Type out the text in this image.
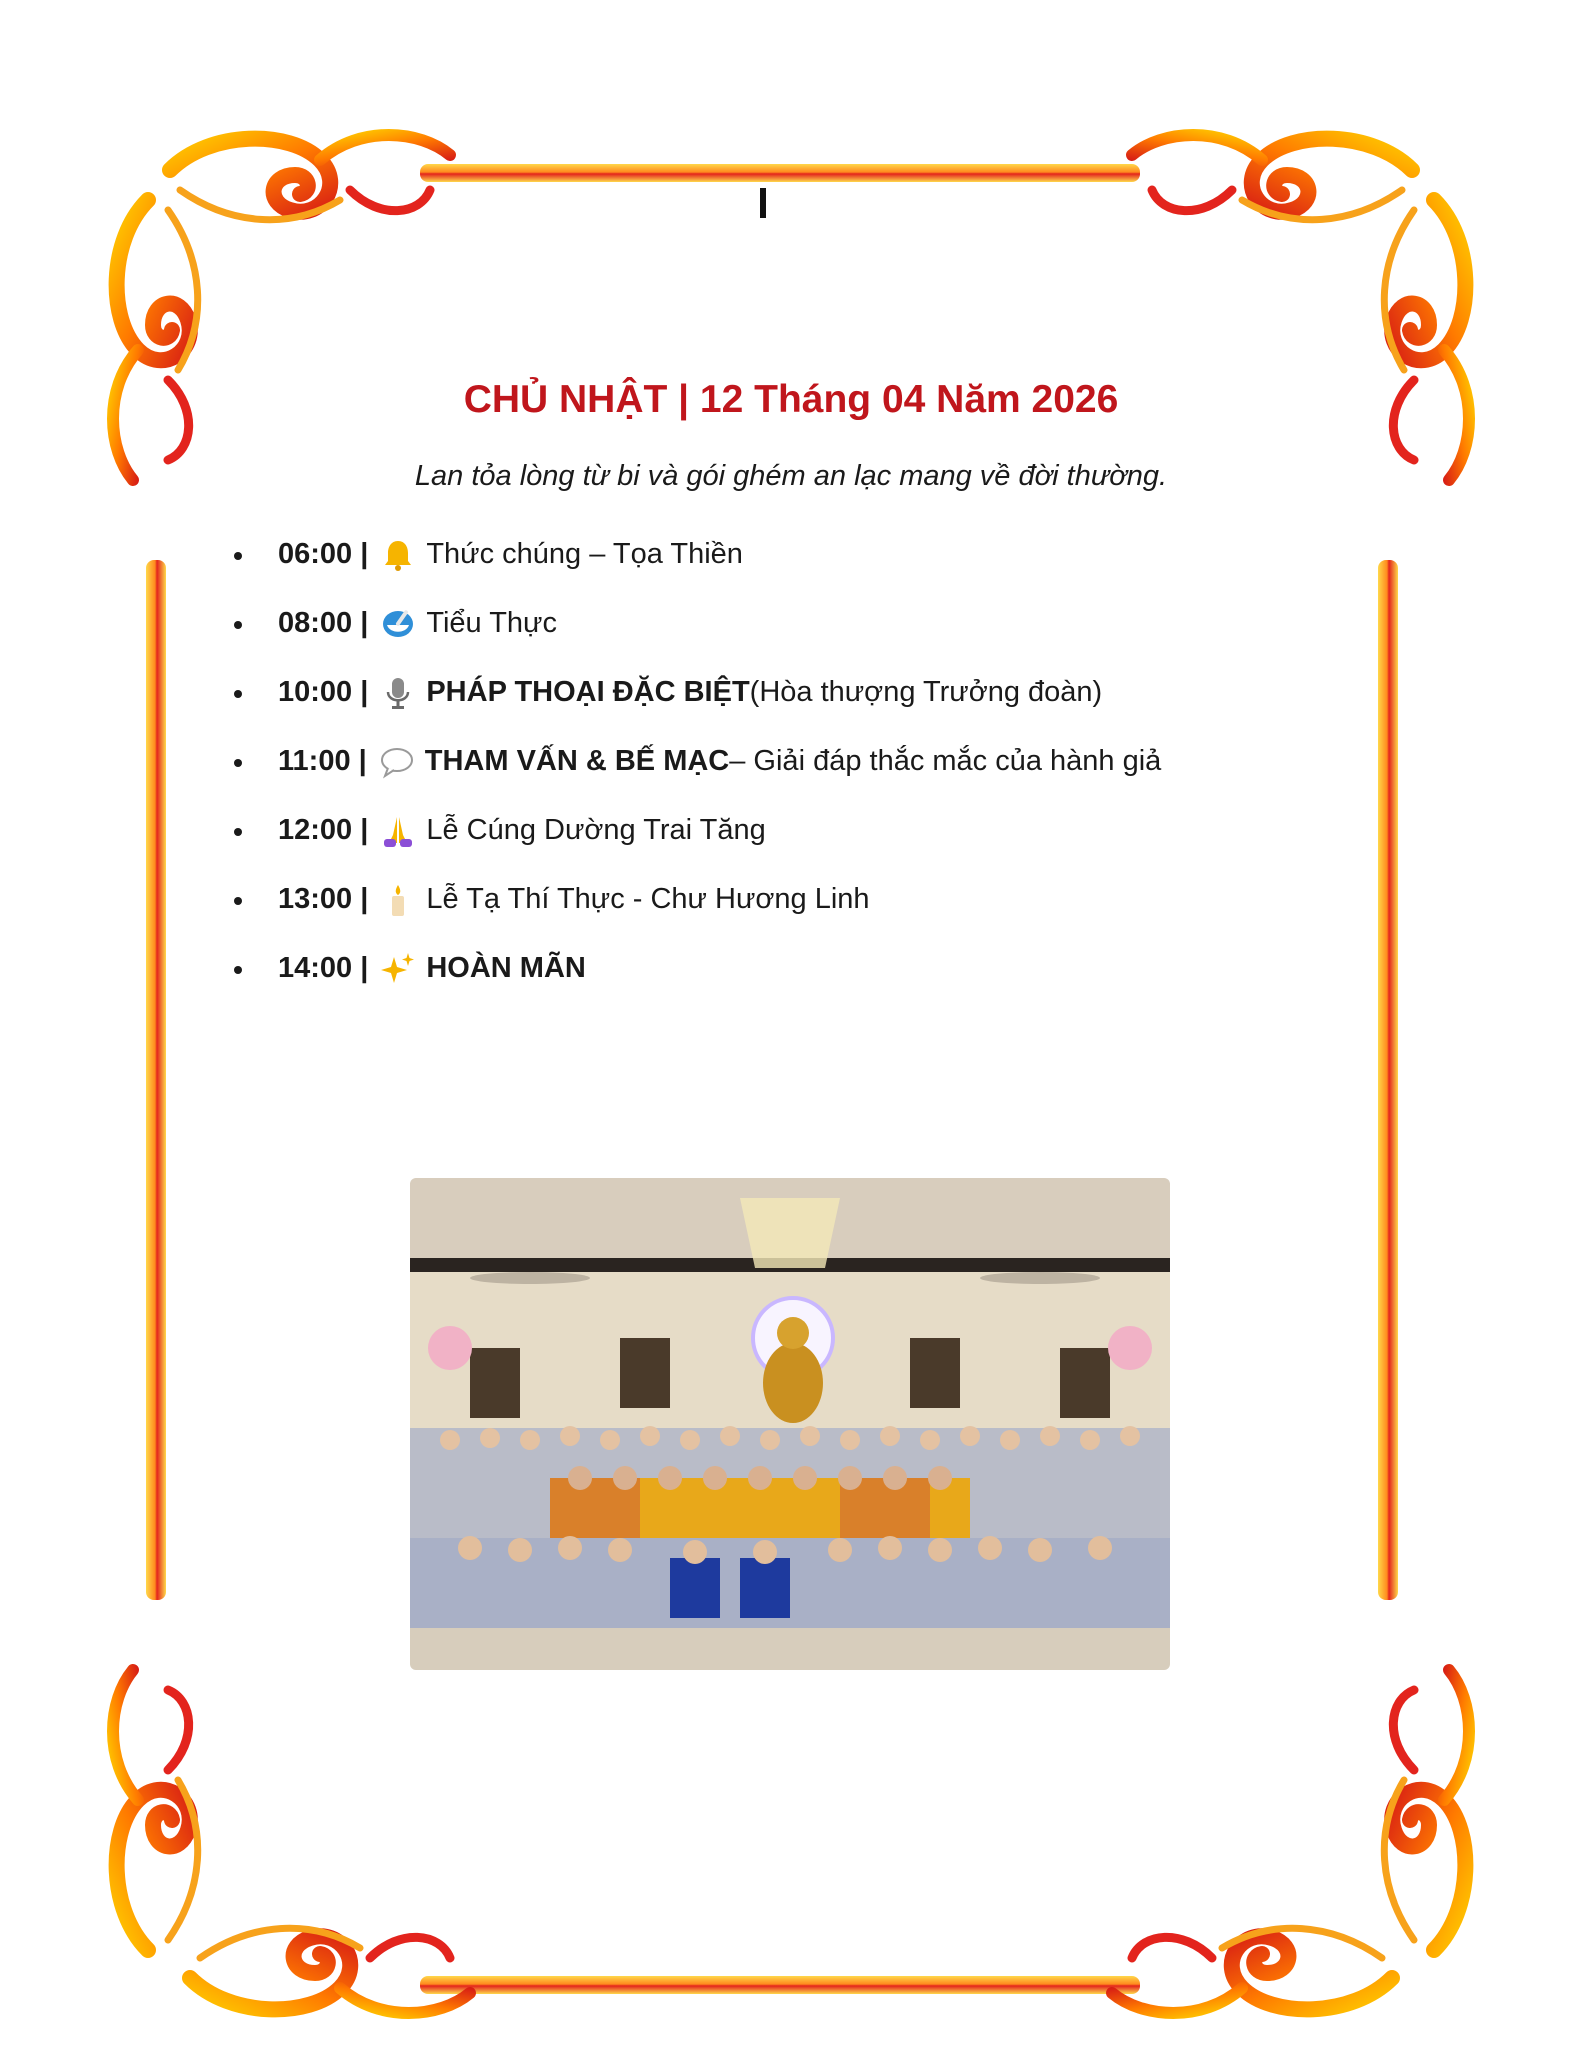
CHỦ NHẬT | 12 Tháng 04 Năm 2026
Lan tỏa lòng từ bi và gói ghém an lạc mang về đời thường.
06:00 | Thức chúng – Tọa Thiền
08:00 | Tiểu Thực
10:00 | PHÁP THOẠI ĐẶC BIỆT (Hòa thượng Trưởng đoàn)
11:00 | THAM VẤN & BẾ MẠC – Giải đáp thắc mắc của hành giả
12:00 | Lễ Cúng Dường Trai Tăng
13:00 | Lễ Tạ Thí Thực - Chư Hương Linh
14:00 | HOÀN MÃN
